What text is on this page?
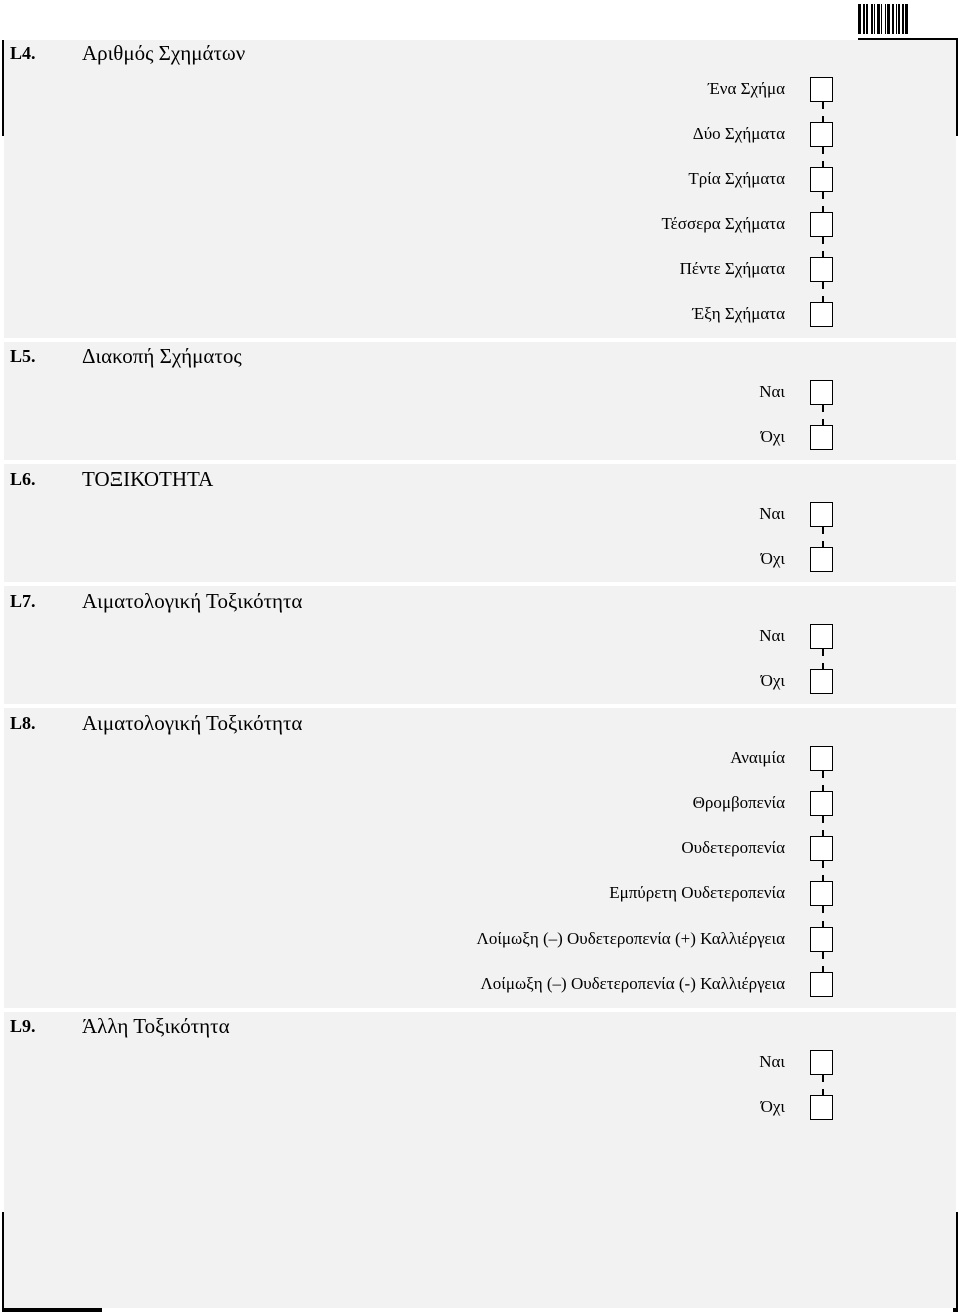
L4. Αριθμός Σχημάτων
Ένα Σχήμα
Δύο Σχήματα
Τρία Σχήματα
Τέσσερα Σχήματα
Πέντε Σχήματα
Έξη Σχήματα
L5. Διακοπή Σχήματος
Ναι
Όχι
L6. ΤΟΞΙΚΟΤΗΤΑ
Ναι
Όχι
L7. Αιματολογική Τοξικότητα
Ναι
Όχι
L8. Αιματολογική Τοξικότητα
Αναιμία
Θρομβοπενία
Ουδετεροπενία
Εμπύρετη Ουδετεροπενία
Λοίμωξη (–) Ουδετεροπενία (+) Καλλιέργεια
Λοίμωξη (–) Ουδετεροπενία (-) Καλλιέργεια
L9. Άλλη Τοξικότητα
Ναι
Όχι
